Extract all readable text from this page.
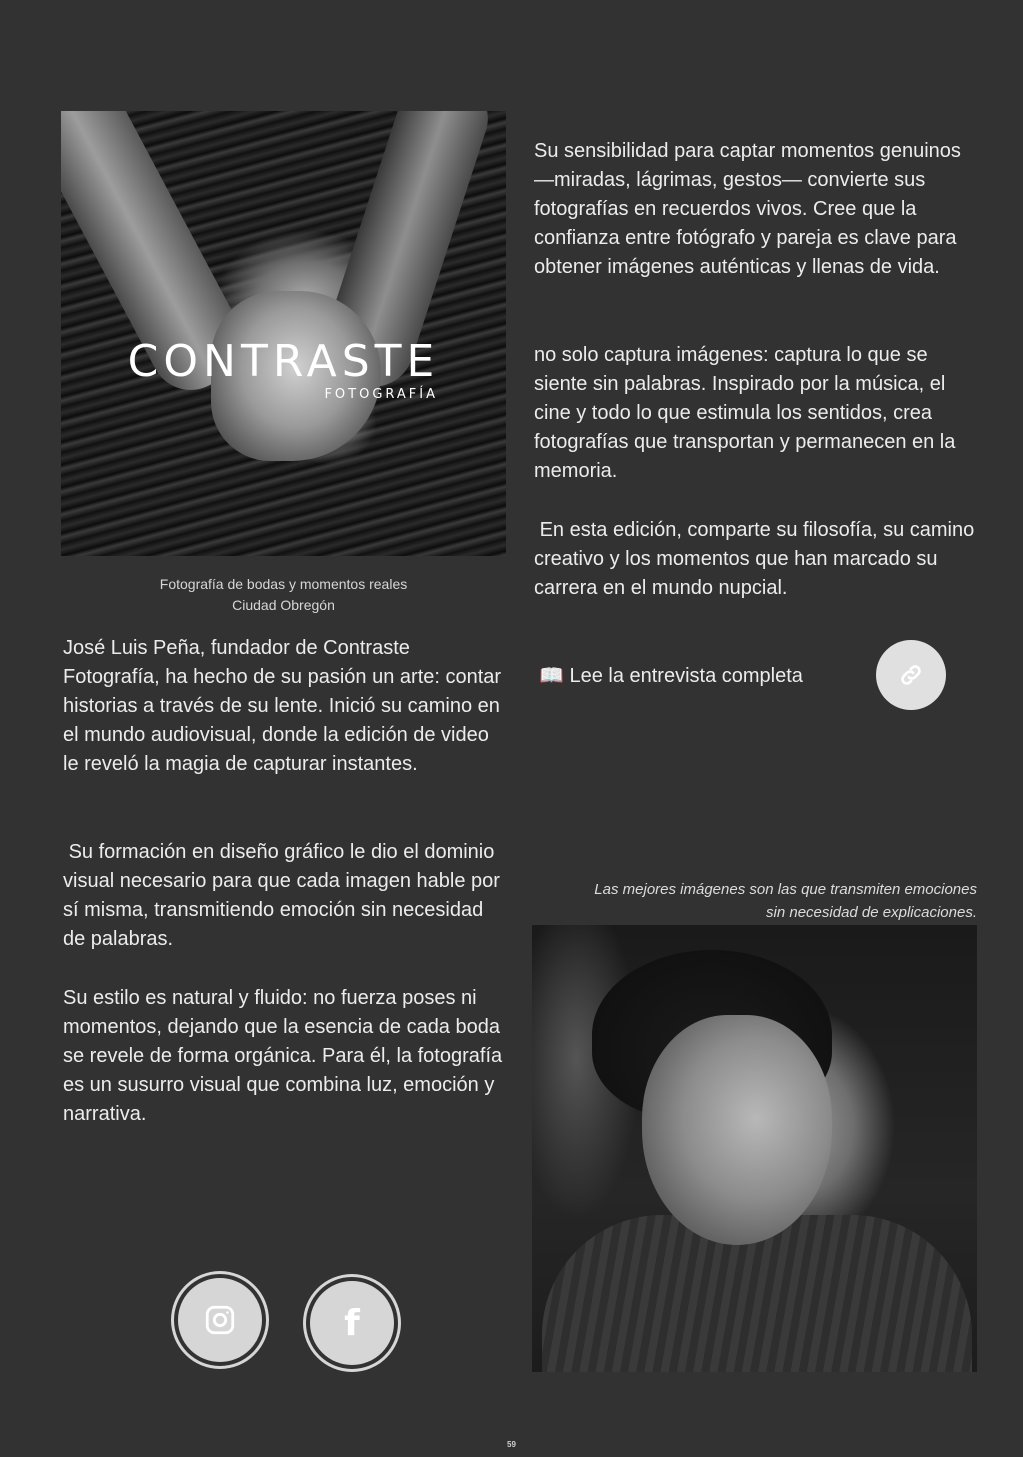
CONTRASTE
FOTOGRAFÍA
Fotografía de bodas y momentos reales
Ciudad Obregón
José Luis Peña, fundador de Contraste Fotografía, ha hecho de su pasión un arte: contar historias a través de su lente. Inició su camino en el mundo audiovisual, donde la edición de video le reveló la magia de capturar instantes.
Su formación en diseño gráfico le dio el dominio visual necesario para que cada imagen hable por sí misma, transmitiendo emoción sin necesidad de palabras.
Su estilo es natural y fluido: no fuerza poses ni momentos, dejando que la esencia de cada boda se revele de forma orgánica. Para él, la fotografía es un susurro visual que combina luz, emoción y narrativa.
Su sensibilidad para captar momentos genuinos —miradas, lágrimas, gestos— convierte sus fotografías en recuerdos vivos. Cree que la confianza entre fotógrafo y pareja es clave para obtener imágenes auténticas y llenas de vida.
no solo captura imágenes: captura lo que se siente sin palabras. Inspirado por la música, el cine y todo lo que estimula los sentidos, crea fotografías que transportan y permanecen en la memoria.
En esta edición, comparte su filosofía, su camino creativo y los momentos que han marcado su carrera en el mundo nupcial.
📖 Lee la entrevista completa
Las mejores imágenes son las que transmiten emociones
sin necesidad de explicaciones.
f
59
